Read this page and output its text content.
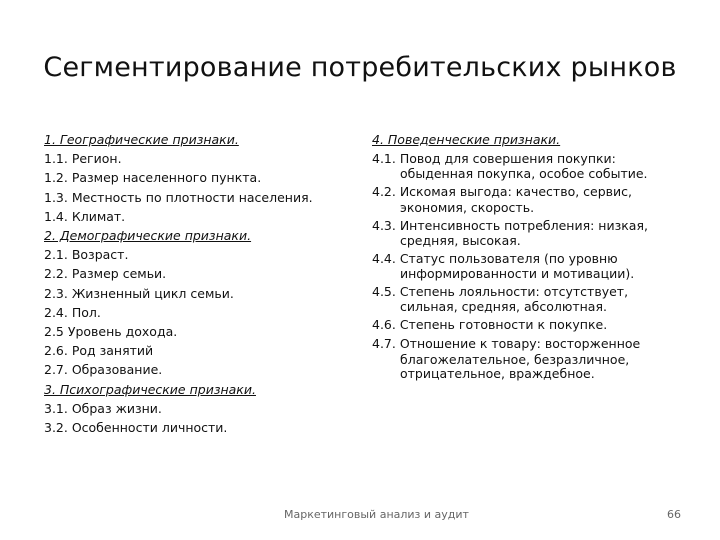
Сегментирование потребительских рынков
1. Географические признаки.
1.1. Регион.
1.2. Размер населенного пункта.
1.3. Местность по плотности населения.
1.4. Климат.
2. Демографические признаки.
2.1. Возраст.
2.2. Размер семьи.
2.3. Жизненный цикл семьи.
2.4. Пол.
2.5 Уровень дохода.
2.6. Род занятий
2.7. Образование.
3. Психографические признаки.
3.1. Образ жизни.
3.2. Особенности личности.
4. Поведенческие признаки.
4.1. Повод для совершения покупки:
обыденная покупка, особое событие.
4.2. Искомая выгода: качество, сервис,
экономия, скорость.
4.3. Интенсивность потребления: низкая,
средняя, высокая.
4.4. Статус пользователя (по уровню
информированности и мотивации).
4.5. Степень лояльности: отсутствует,
сильная, средняя, абсолютная.
4.6. Степень готовности к покупке.
4.7. Отношение к товару: восторженное
благожелательное, безразличное,
отрицательное, враждебное.
Маркетинговый анализ и аудит	66
